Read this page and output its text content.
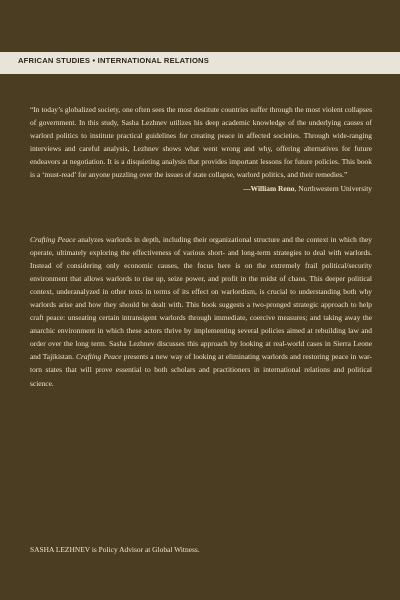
AFRICAN STUDIES • INTERNATIONAL RELATIONS
“In today’s globalized society, one often sees the most destitute countries suffer through the most violent collapses of government. In this study, Sasha Lezhnev utilizes his deep academic knowledge of the underlying causes of warlord politics to institute practical guidelines for creating peace in affected societies. Through wide-ranging interviews and careful analysis, Lezhnev shows what went wrong and why, offering alternatives for future endeavors at negotiation. It is a disquieting analysis that provides important lessons for future policies. This book is a ‘must-read’ for anyone puzzling over the issues of state collapse, warlord politics, and their remedies.”
—William Reno, Northwestern University
Crafting Peace analyzes warlords in depth, including their organizational structure and the context in which they operate, ultimately exploring the effectiveness of various short- and long-term strategies to deal with warlords. Instead of considering only economic causes, the focus here is on the extremely frail political/security environment that allows warlords to rise up, seize power, and profit in the midst of chaos. This deeper political context, underanalyzed in other texts in terms of its effect on warlordism, is crucial to understanding both why warlords arise and how they should be dealt with. This book suggests a two-pronged strategic approach to help craft peace: unseating certain intransigent warlords through immediate, coercive measures; and taking away the anarchic environment in which these actors thrive by implementing several policies aimed at rebuilding law and order over the long term. Sasha Lezhnev discusses this approach by looking at real-world cases in Sierra Leone and Tajikistan. Crafting Peace presents a new way of looking at eliminating warlords and restoring peace in war-torn states that will prove essential to both scholars and practitioners in international relations and political science.
SASHA LEZHNEV is Policy Advisor at Global Witness.
